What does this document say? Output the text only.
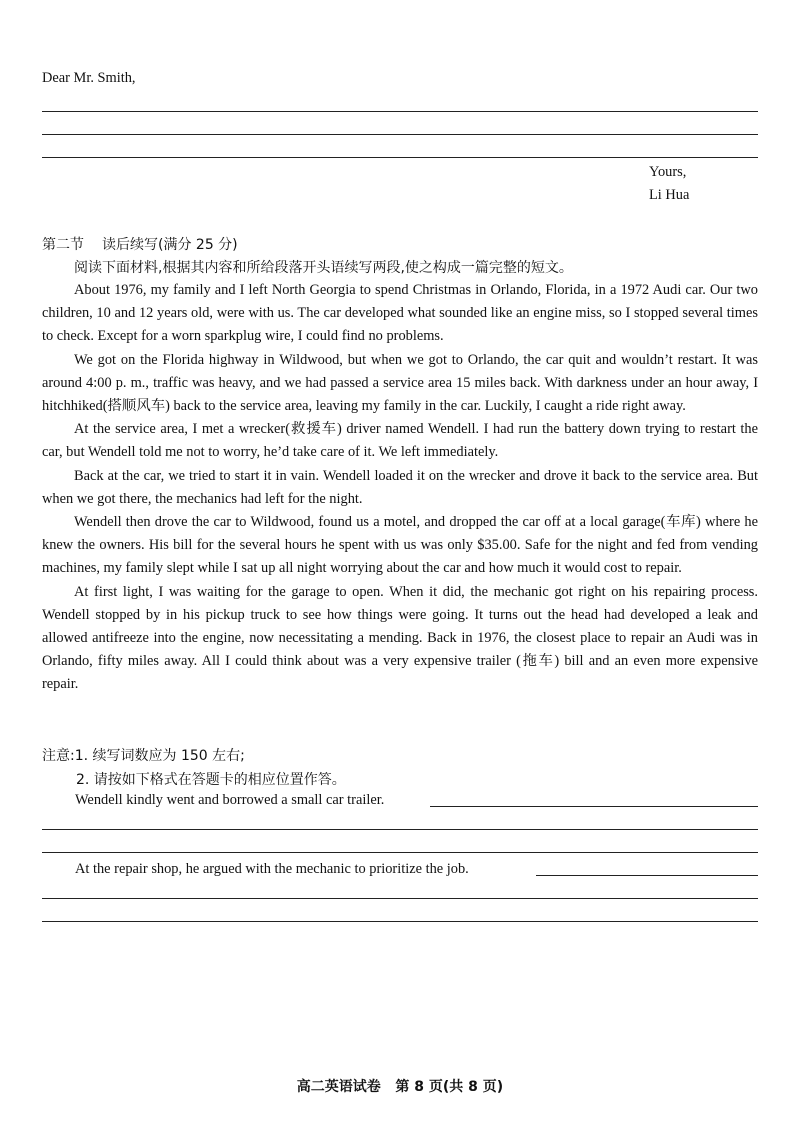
Dear Mr. Smith,
Yours,
Li Hua
第二节 读后续写(满分 25 分)
阅读下面材料,根据其内容和所给段落开头语续写两段,使之构成一篇完整的短文。

About 1976, my family and I left North Georgia to spend Christmas in Orlando, Florida, in a 1972 Audi car. Our two children, 10 and 12 years old, were with us. The car developed what sounded like an engine miss, so I stopped several times to check. Except for a worn sparkplug wire, I could find no problems.

We got on the Florida highway in Wildwood, but when we got to Orlando, the car quit and wouldn’t restart. It was around 4:00 p. m., traffic was heavy, and we had passed a service area 15 miles back. With darkness under an hour away, I hitchhiked(搭顺风车) back to the service area, leaving my family in the car. Luckily, I caught a ride right away.

At the service area, I met a wrecker(救援车) driver named Wendell. I had run the battery down trying to restart the car, but Wendell told me not to worry, he’d take care of it. We left immediately.

Back at the car, we tried to start it in vain. Wendell loaded it on the wrecker and drove it back to the service area. But when we got there, the mechanics had left for the night.

Wendell then drove the car to Wildwood, found us a motel, and dropped the car off at a local garage(车库) where he knew the owners. His bill for the several hours he spent with us was only $35.00. Safe for the night and fed from vending machines, my family slept while I sat up all night worrying about the car and how much it would cost to repair.

At first light, I was waiting for the garage to open. When it did, the mechanic got right on his repairing process. Wendell stopped by in his pickup truck to see how things were going. It turns out the head had developed a leak and allowed antifreeze into the engine, now necessitating a mending. Back in 1976, the closest place to repair an Audi was in Orlando, fifty miles away. All I could think about was a very expensive trailer (拖车) bill and an even more expensive repair.

注意:1. 续写词数应为 150 左右;
2. 请按如下格式在答题卡的相应位置作答。
Wendell kindly went and borrowed a small car trailer.
At the repair shop, he argued with the mechanic to prioritize the job.
高二英语试卷   第 8 页(共 8 页)
